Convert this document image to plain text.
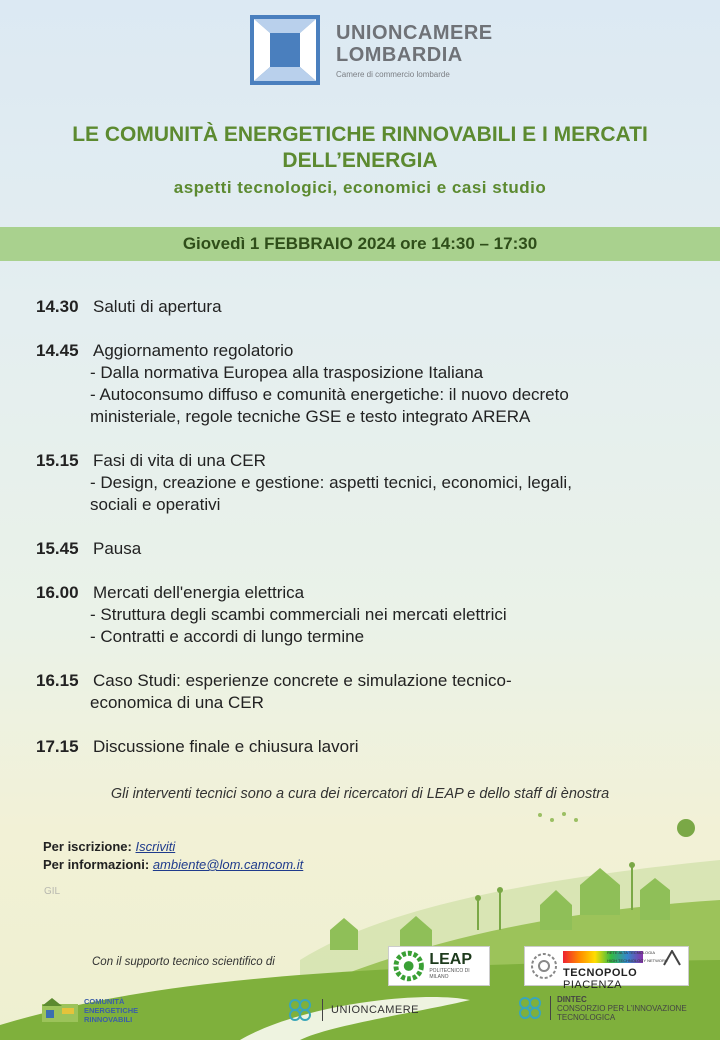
UNIONCAMERE
LOMBARDIA
Camere di commercio lombarde
LE COMUNITÀ ENERGETICHE RINNOVABILI E I MERCATI
DELL’ENERGIA
aspetti tecnologici, economici e casi studio
Giovedì 1 FEBBRAIO 2024 ore 14:30 – 17:30
14.30 Saluti di apertura
14.45 Aggiornamento regolatorio
- Dalla normativa Europea alla trasposizione Italiana
- Autoconsumo diffuso e comunità energetiche: il nuovo decreto
ministeriale, regole tecniche GSE e testo integrato ARERA
15.15 Fasi di vita di una CER
- Design, creazione e gestione: aspetti tecnici, economici, legali,
sociali e operativi
15.45 Pausa
16.00 Mercati dell'energia elettrica
- Struttura degli scambi commerciali nei mercati elettrici
- Contratti e accordi di lungo termine
16.15 Caso Studi: esperienze concrete e simulazione tecnico-
economica di una CER
17.15 Discussione finale e chiusura lavori
Gli interventi tecnici sono a cura dei ricercatori di LEAP e dello staff di ènostra
Per iscrizione: Iscriviti
Per informazioni: ambiente@lom.camcom.it
GIL
Con il supporto tecnico scientifico di	LEAP
POLITECNICO DI MILANO
RETE ALTA TECNOLOGIA
HIGH TECHNOLOGY NETWORK
TECNOPOLO PIACENZA
COMUNITÀ
ENERGETICHE
RINNOVABILI
UNIONCAMERE
DINTEC
CONSORZIO PER L’INNOVAZIONE
TECNOLOGICA
